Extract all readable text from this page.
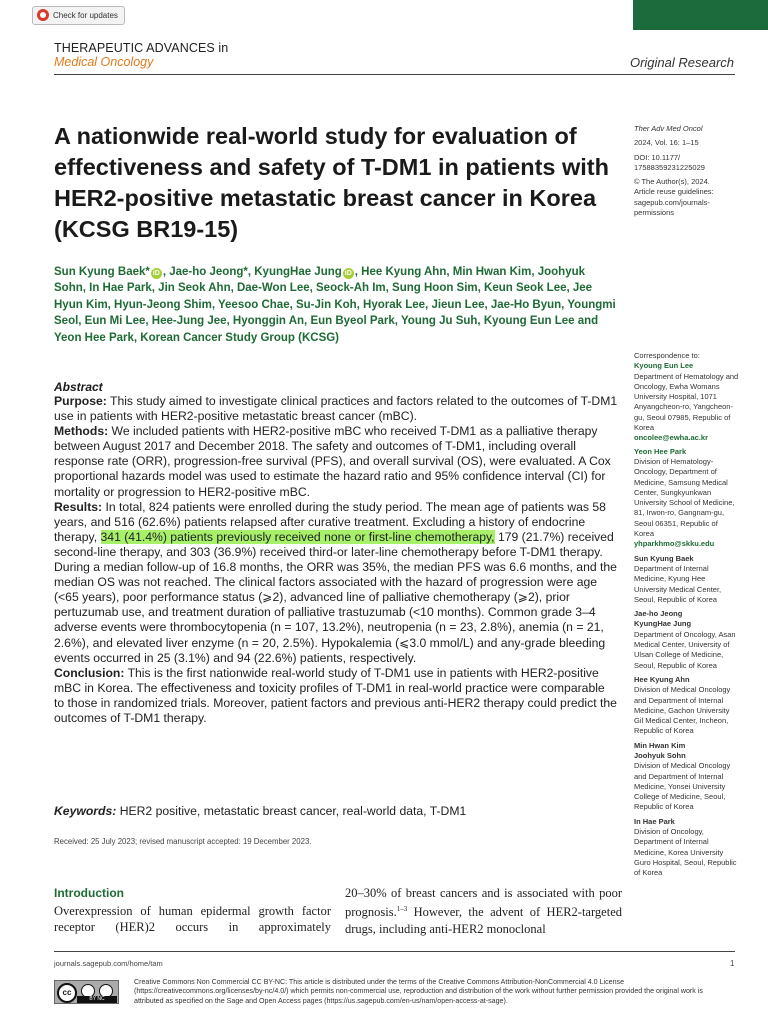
Check for updates
THERAPEUTIC ADVANCES in
Medical Oncology	Original Research
A nationwide real-world study for evaluation of effectiveness and safety of T-DM1 in patients with HER2-positive metastatic breast cancer in Korea (KCSG BR19-15)
Sun Kyung Baek* iD , Jae-ho Jeong*, KyungHae Jung iD , Hee Kyung Ahn, Min Hwan Kim, Joohyuk Sohn, In Hae Park, Jin Seok Ahn, Dae-Won Lee, Seock-Ah Im, Sung Hoon Sim, Keun Seok Lee, Jee Hyun Kim, Hyun-Jeong Shim, Yeesoo Chae, Su-Jin Koh, Hyorak Lee, Jieun Lee, Jae-Ho Byun, Youngmi Seol, Eun Mi Lee, Hee-Jung Jee, Hyonggin An, Eun Byeol Park, Young Ju Suh, Kyoung Eun Lee and Yeon Hee Park, Korean Cancer Study Group (KCSG)
Ther Adv Med Oncol
2024, Vol. 16: 1–15
DOI: 10.1177/
17588359231225029
© The Author(s), 2024.
Article reuse guidelines:
sagepub.com/journals-
permissions
Correspondence to:
Kyoung Eun Lee
Department of Hematology and Oncology, Ewha Womans University Hospital, 1071 Anyangcheon-ro, Yangcheon-gu, Seoul 07985, Republic of Korea
oncolee@ewha.ac.kr
Yeon Hee Park
Division of Hematology-Oncology, Department of Medicine, Samsung Medical Center, Sungkyunkwan University School of Medicine, 81, Irwon-ro, Gangnam-gu, Seoul 06351, Republic of Korea
yhparkhmo@skku.edu
Sun Kyung Baek
Department of Internal Medicine, Kyung Hee University Medical Center, Seoul, Republic of Korea
Jae-ho Jeong
KyungHae Jung
Department of Oncology, Asan Medical Center, University of Ulsan College of Medicine, Seoul, Republic of Korea
Hee Kyung Ahn
Division of Medical Oncology and Department of Internal Medicine, Gachon University Gil Medical Center, Incheon, Republic of Korea
Min Hwan Kim
Joohyuk Sohn
Division of Medical Oncology and Department of Internal Medicine, Yonsei University College of Medicine, Seoul, Republic of Korea
In Hae Park
Division of Oncology, Department of Internal Medicine, Korea University Guro Hospital, Seoul, Republic of Korea
Abstract

Purpose: This study aimed to investigate clinical practices and factors related to the outcomes of T-DM1 use in patients with HER2-positive metastatic breast cancer (mBC).

Methods: We included patients with HER2-positive mBC who received T-DM1 as a palliative therapy between August 2017 and December 2018. The safety and outcomes of T-DM1, including overall response rate (ORR), progression-free survival (PFS), and overall survival (OS), were evaluated. A Cox proportional hazards model was used to estimate the hazard ratio and 95% confidence interval (CI) for mortality or progression to HER2-positive mBC.

Results: In total, 824 patients were enrolled during the study period. The mean age of patients was 58 years, and 516 (62.6%) patients relapsed after curative treatment. Excluding a history of endocrine therapy, 341 (41.4%) patients previously received none or first-line chemotherapy, 179 (21.7%) received second-line therapy, and 303 (36.9%) received third-or later-line chemotherapy before T-DM1 therapy. During a median follow-up of 16.8 months, the ORR was 35%, the median PFS was 6.6 months, and the median OS was not reached. The clinical factors associated with the hazard of progression were age (<65 years), poor performance status (⩾2), advanced line of palliative chemotherapy (⩾2), prior pertuzumab use, and treatment duration of palliative trastuzumab (<10 months). Common grade 3–4 adverse events were thrombocytopenia (n = 107, 13.2%), neutropenia (n = 23, 2.8%), anemia (n = 21, 2.6%), and elevated liver enzyme (n = 20, 2.5%). Hypokalemia (⩽3.0 mmol/L) and any-grade bleeding events occurred in 25 (3.1%) and 94 (22.6%) patients, respectively.

Conclusion: This is the first nationwide real-world study of T-DM1 use in patients with HER2-positive mBC in Korea. The effectiveness and toxicity profiles of T-DM1 in real-world practice were comparable to those in randomized trials. Moreover, patient factors and previous anti-HER2 therapy could predict the outcomes of T-DM1 therapy.

Keywords: HER2 positive, metastatic breast cancer, real-world data, T-DM1
Received: 25 July 2023; revised manuscript accepted: 19 December 2023.
Introduction
Overexpression of human epidermal growth factor receptor (HER)2 occurs in approximately
20–30% of breast cancers and is associated with poor prognosis.$^{1-3}$ However, the advent of HER2-targeted drugs, including anti-HER2 monoclonal
journals.sagepub.com/home/tam	1
cc
BY NC
Creative Commons Non Commercial CC BY-NC: This article is distributed under the terms of the Creative Commons Attribution-NonCommercial 4.0 License (https://creativecommons.org/licenses/by-nc/4.0/) which permits non-commercial use, reproduction and distribution of the work without further permission provided the original work is attributed as specified on the Sage and Open Access pages (https://us.sagepub.com/en-us/nam/open-access-at-sage).
